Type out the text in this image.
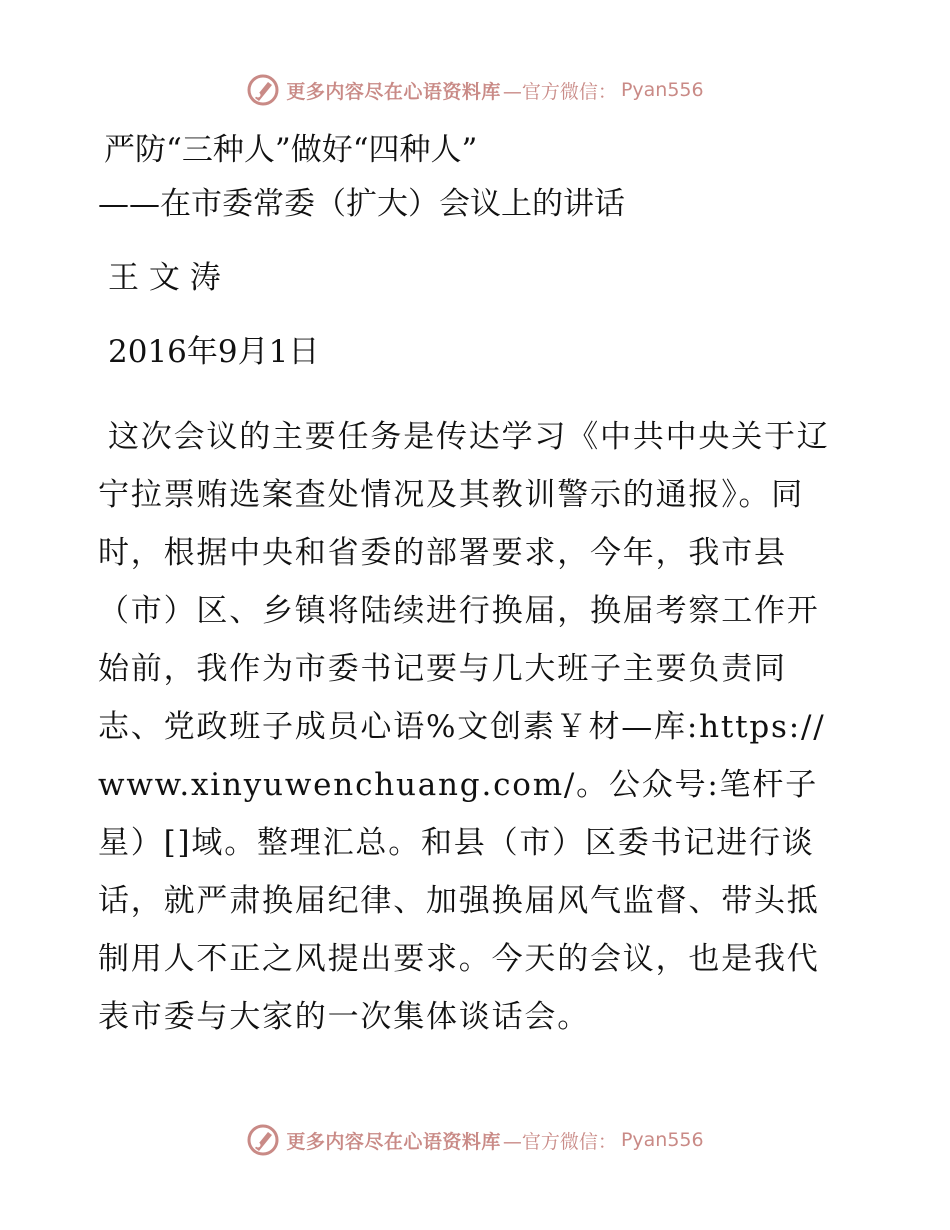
更多内容尽在心语资料库 —官方微信： Pyan556
严防“三种人”做好“四种人”
——在市委常委（扩大）会议上的讲话
王 文 涛
2016年9月1日
这次会议的主要任务是传达学习《中共中央关于辽宁拉票贿选案查处情况及其教训警示的通报》。同时，根据中央和省委的部署要求，今年，我市县（市）区、乡镇将陆续进行换届，换届考察工作开始前，我作为市委书记要与几大班子主要负责同志、党政班子成员心语%文创素￥材—库:https://www.xinyuwenchuang.com/。公众号:笔杆子星）[]域。整理汇总。和县（市）区委书记进行谈话，就严肃换届纪律、加强换届风气监督、带头抵制用人不正之风提出要求。今天的会议，也是我代表市委与大家的一次集体谈话会。
更多内容尽在心语资料库 —官方微信： Pyan556
